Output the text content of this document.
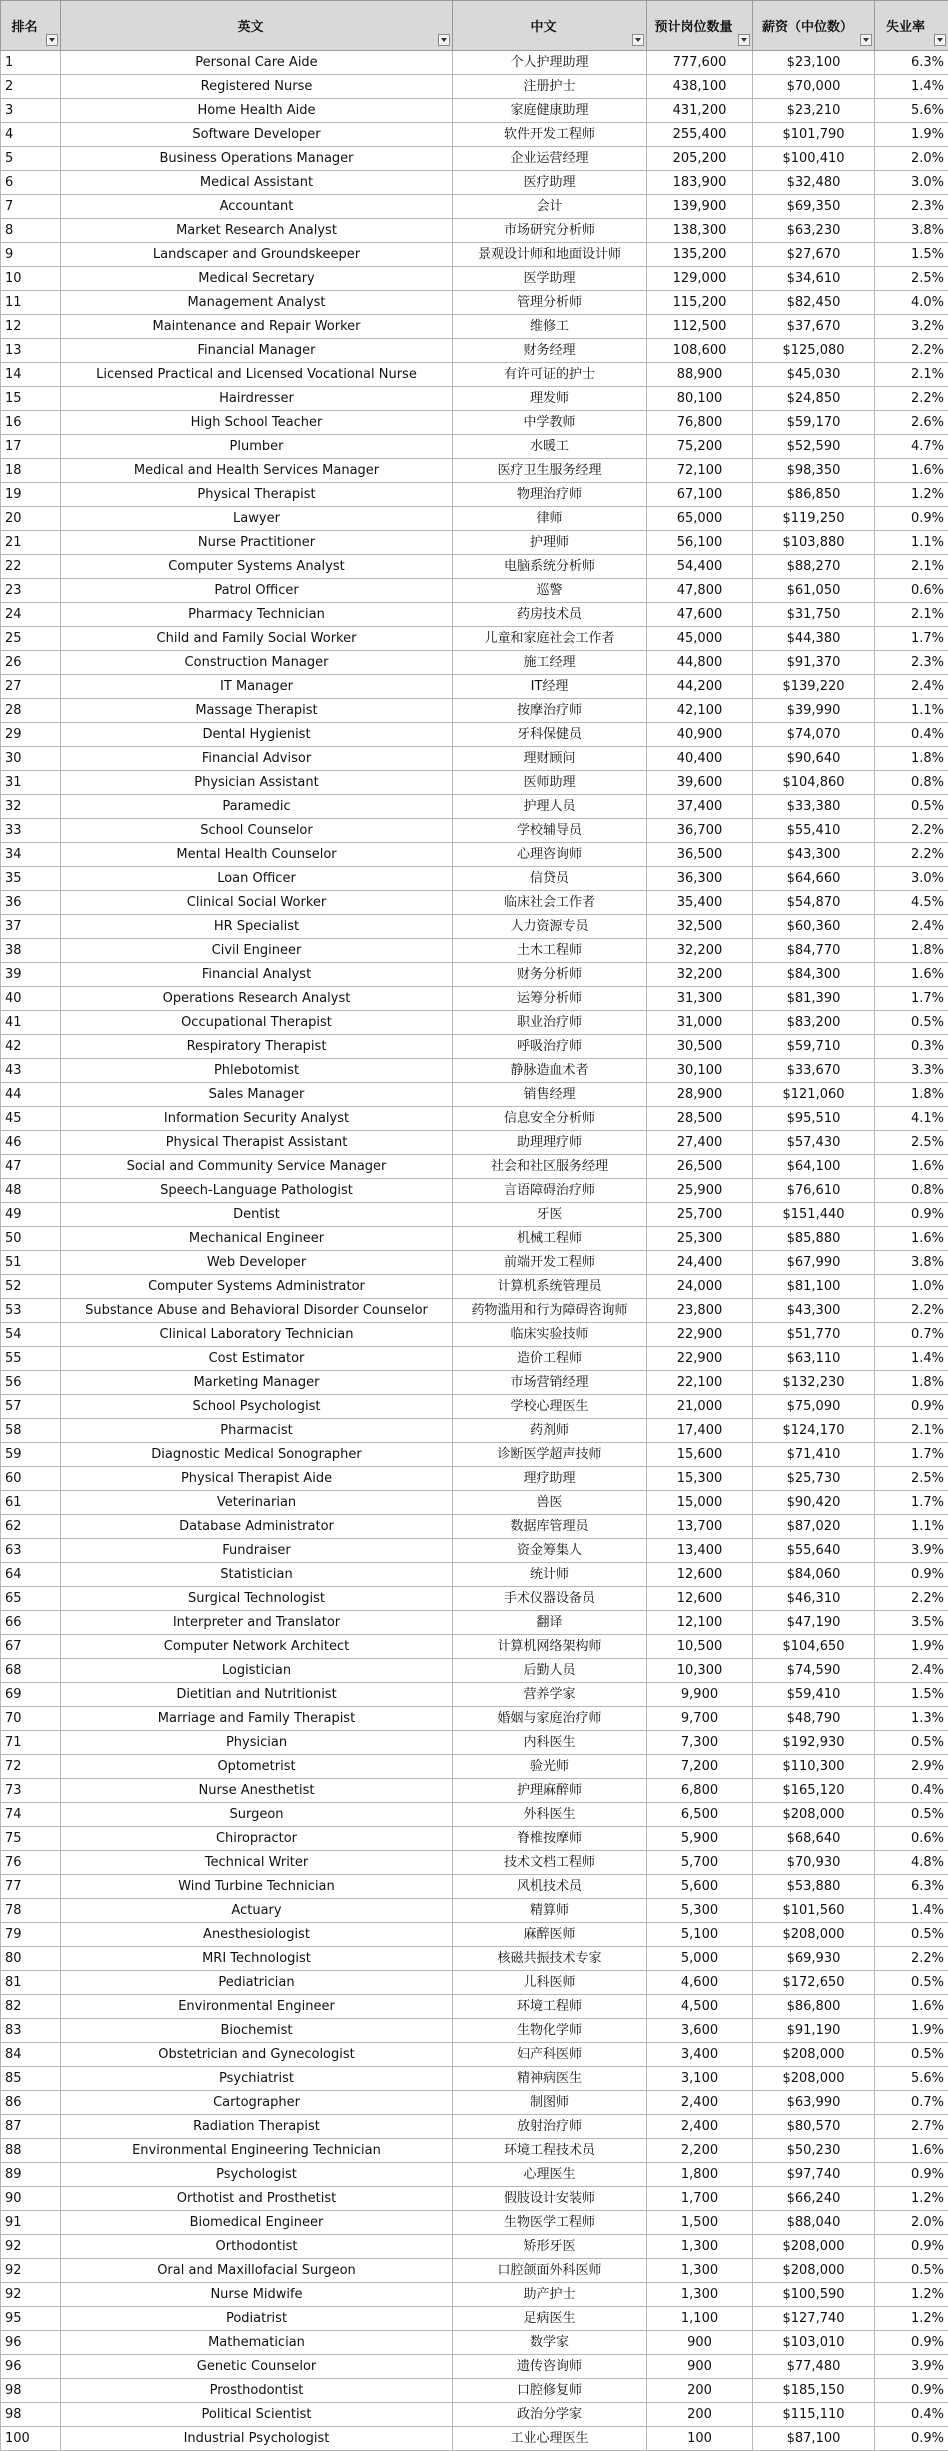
排名	英文	中文	预计岗位数量	薪资（中位数）	失业率

1	Personal Care Aide	个人护理助理	777,600	$23,100	6.3%
2	Registered Nurse	注册护士	438,100	$70,000	1.4%
3	Home Health Aide	家庭健康助理	431,200	$23,210	5.6%
4	Software Developer	软件开发工程师	255,400	$101,790	1.9%
5	Business Operations Manager	企业运营经理	205,200	$100,410	2.0%
6	Medical Assistant	医疗助理	183,900	$32,480	3.0%
7	Accountant	会计	139,900	$69,350	2.3%
8	Market Research Analyst	市场研究分析师	138,300	$63,230	3.8%
9	Landscaper and Groundskeeper	景观设计师和地面设计师	135,200	$27,670	1.5%
10	Medical Secretary	医学助理	129,000	$34,610	2.5%
11	Management Analyst	管理分析师	115,200	$82,450	4.0%
12	Maintenance and Repair Worker	维修工	112,500	$37,670	3.2%
13	Financial Manager	财务经理	108,600	$125,080	2.2%
14	Licensed Practical and Licensed Vocational Nurse	有许可证的护士	88,900	$45,030	2.1%
15	Hairdresser	理发师	80,100	$24,850	2.2%
16	High School Teacher	中学教师	76,800	$59,170	2.6%
17	Plumber	水暖工	75,200	$52,590	4.7%
18	Medical and Health Services Manager	医疗卫生服务经理	72,100	$98,350	1.6%
19	Physical Therapist	物理治疗师	67,100	$86,850	1.2%
20	Lawyer	律师	65,000	$119,250	0.9%
21	Nurse Practitioner	护理师	56,100	$103,880	1.1%
22	Computer Systems Analyst	电脑系统分析师	54,400	$88,270	2.1%
23	Patrol Officer	巡警	47,800	$61,050	0.6%
24	Pharmacy Technician	药房技术员	47,600	$31,750	2.1%
25	Child and Family Social Worker	儿童和家庭社会工作者	45,000	$44,380	1.7%
26	Construction Manager	施工经理	44,800	$91,370	2.3%
27	IT Manager	IT经理	44,200	$139,220	2.4%
28	Massage Therapist	按摩治疗师	42,100	$39,990	1.1%
29	Dental Hygienist	牙科保健员	40,900	$74,070	0.4%
30	Financial Advisor	理财顾问	40,400	$90,640	1.8%
31	Physician Assistant	医师助理	39,600	$104,860	0.8%
32	Paramedic	护理人员	37,400	$33,380	0.5%
33	School Counselor	学校辅导员	36,700	$55,410	2.2%
34	Mental Health Counselor	心理咨询师	36,500	$43,300	2.2%
35	Loan Officer	信贷员	36,300	$64,660	3.0%
36	Clinical Social Worker	临床社会工作者	35,400	$54,870	4.5%
37	HR Specialist	人力资源专员	32,500	$60,360	2.4%
38	Civil Engineer	土木工程师	32,200	$84,770	1.8%
39	Financial Analyst	财务分析师	32,200	$84,300	1.6%
40	Operations Research Analyst	运筹分析师	31,300	$81,390	1.7%
41	Occupational Therapist	职业治疗师	31,000	$83,200	0.5%
42	Respiratory Therapist	呼吸治疗师	30,500	$59,710	0.3%
43	Phlebotomist	静脉造血术者	30,100	$33,670	3.3%
44	Sales Manager	销售经理	28,900	$121,060	1.8%
45	Information Security Analyst	信息安全分析师	28,500	$95,510	4.1%
46	Physical Therapist Assistant	助理理疗师	27,400	$57,430	2.5%
47	Social and Community Service Manager	社会和社区服务经理	26,500	$64,100	1.6%
48	Speech-Language Pathologist	言语障碍治疗师	25,900	$76,610	0.8%
49	Dentist	牙医	25,700	$151,440	0.9%
50	Mechanical Engineer	机械工程师	25,300	$85,880	1.6%
51	Web Developer	前端开发工程师	24,400	$67,990	3.8%
52	Computer Systems Administrator	计算机系统管理员	24,000	$81,100	1.0%
53	Substance Abuse and Behavioral Disorder Counselor	药物滥用和行为障碍咨询师	23,800	$43,300	2.2%
54	Clinical Laboratory Technician	临床实验技师	22,900	$51,770	0.7%
55	Cost Estimator	造价工程师	22,900	$63,110	1.4%
56	Marketing Manager	市场营销经理	22,100	$132,230	1.8%
57	School Psychologist	学校心理医生	21,000	$75,090	0.9%
58	Pharmacist	药剂师	17,400	$124,170	2.1%
59	Diagnostic Medical Sonographer	诊断医学超声技师	15,600	$71,410	1.7%
60	Physical Therapist Aide	理疗助理	15,300	$25,730	2.5%
61	Veterinarian	兽医	15,000	$90,420	1.7%
62	Database Administrator	数据库管理员	13,700	$87,020	1.1%
63	Fundraiser	资金筹集人	13,400	$55,640	3.9%
64	Statistician	统计师	12,600	$84,060	0.9%
65	Surgical Technologist	手术仪器设备员	12,600	$46,310	2.2%
66	Interpreter and Translator	翻译	12,100	$47,190	3.5%
67	Computer Network Architect	计算机网络架构师	10,500	$104,650	1.9%
68	Logistician	后勤人员	10,300	$74,590	2.4%
69	Dietitian and Nutritionist	营养学家	9,900	$59,410	1.5%
70	Marriage and Family Therapist	婚姻与家庭治疗师	9,700	$48,790	1.3%
71	Physician	内科医生	7,300	$192,930	0.5%
72	Optometrist	验光师	7,200	$110,300	2.9%
73	Nurse Anesthetist	护理麻醉师	6,800	$165,120	0.4%
74	Surgeon	外科医生	6,500	$208,000	0.5%
75	Chiropractor	脊椎按摩师	5,900	$68,640	0.6%
76	Technical Writer	技术文档工程师	5,700	$70,930	4.8%
77	Wind Turbine Technician	风机技术员	5,600	$53,880	6.3%
78	Actuary	精算师	5,300	$101,560	1.4%
79	Anesthesiologist	麻醉医师	5,100	$208,000	0.5%
80	MRI Technologist	核磁共振技术专家	5,000	$69,930	2.2%
81	Pediatrician	儿科医师	4,600	$172,650	0.5%
82	Environmental Engineer	环境工程师	4,500	$86,800	1.6%
83	Biochemist	生物化学师	3,600	$91,190	1.9%
84	Obstetrician and Gynecologist	妇产科医师	3,400	$208,000	0.5%
85	Psychiatrist	精神病医生	3,100	$208,000	5.6%
86	Cartographer	制图师	2,400	$63,990	0.7%
87	Radiation Therapist	放射治疗师	2,400	$80,570	2.7%
88	Environmental Engineering Technician	环境工程技术员	2,200	$50,230	1.6%
89	Psychologist	心理医生	1,800	$97,740	0.9%
90	Orthotist and Prosthetist	假肢设计安装师	1,700	$66,240	1.2%
91	Biomedical Engineer	生物医学工程师	1,500	$88,040	2.0%
92	Orthodontist	矫形牙医	1,300	$208,000	0.9%
92	Oral and Maxillofacial Surgeon	口腔颌面外科医师	1,300	$208,000	0.5%
92	Nurse Midwife	助产护士	1,300	$100,590	1.2%
95	Podiatrist	足病医生	1,100	$127,740	1.2%
96	Mathematician	数学家	900	$103,010	0.9%
96	Genetic Counselor	遗传咨询师	900	$77,480	3.9%
98	Prosthodontist	口腔修复师	200	$185,150	0.9%
98	Political Scientist	政治分学家	200	$115,110	0.4%
100	Industrial Psychologist	工业心理医生	100	$87,100	0.9%
